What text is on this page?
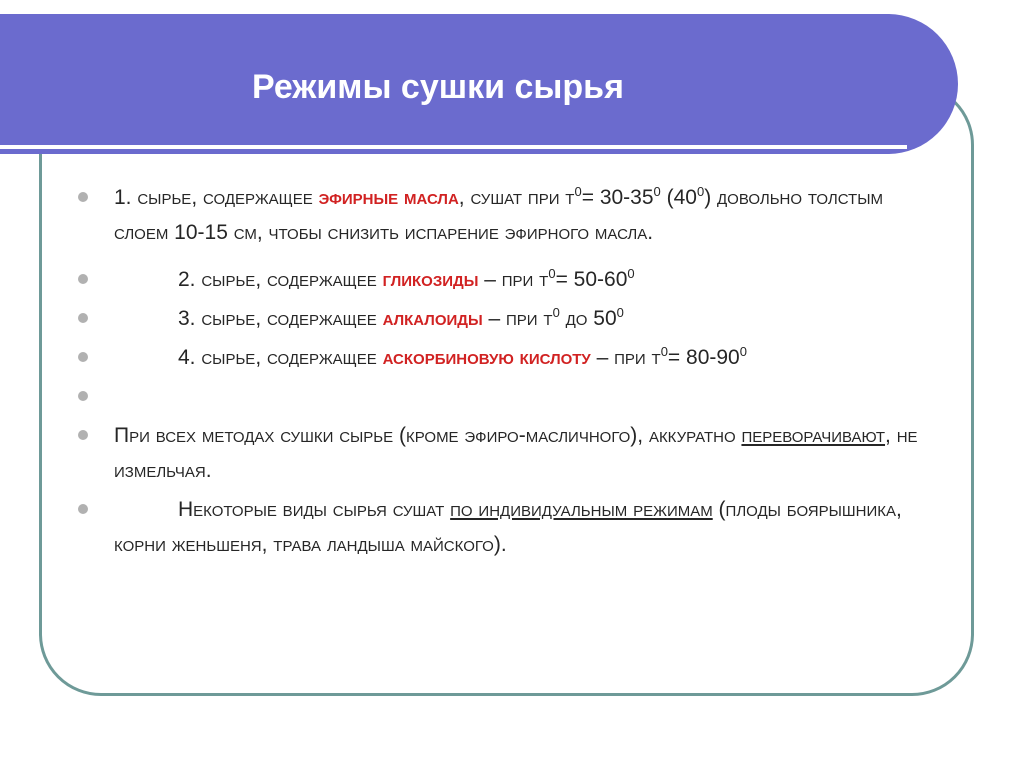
Режимы сушки сырья

1. сырье, содержащее эфирные масла, сушат при $t^0= 30-35^0$ $(40^0)$ довольно толстым слоем 10-15 см, чтобы снизить испарение эфирного масла.

2. сырье, содержащее гликозиды – при $t^0= 50-60^0$

3. сырье, содержащее алкалоиды – при $t^0$ до $50^0$

4. сырье, содержащее аскорбиновую кислоту – при $t^0= 80-90^0$

При всех методах сушки сырье (кроме эфиро-масличного), аккуратно переворачивают, не измельчая.

Некоторые виды сырья сушат по индивидуальным режимам (плоды боярышника, корни женьшеня, трава ландыша майского).
